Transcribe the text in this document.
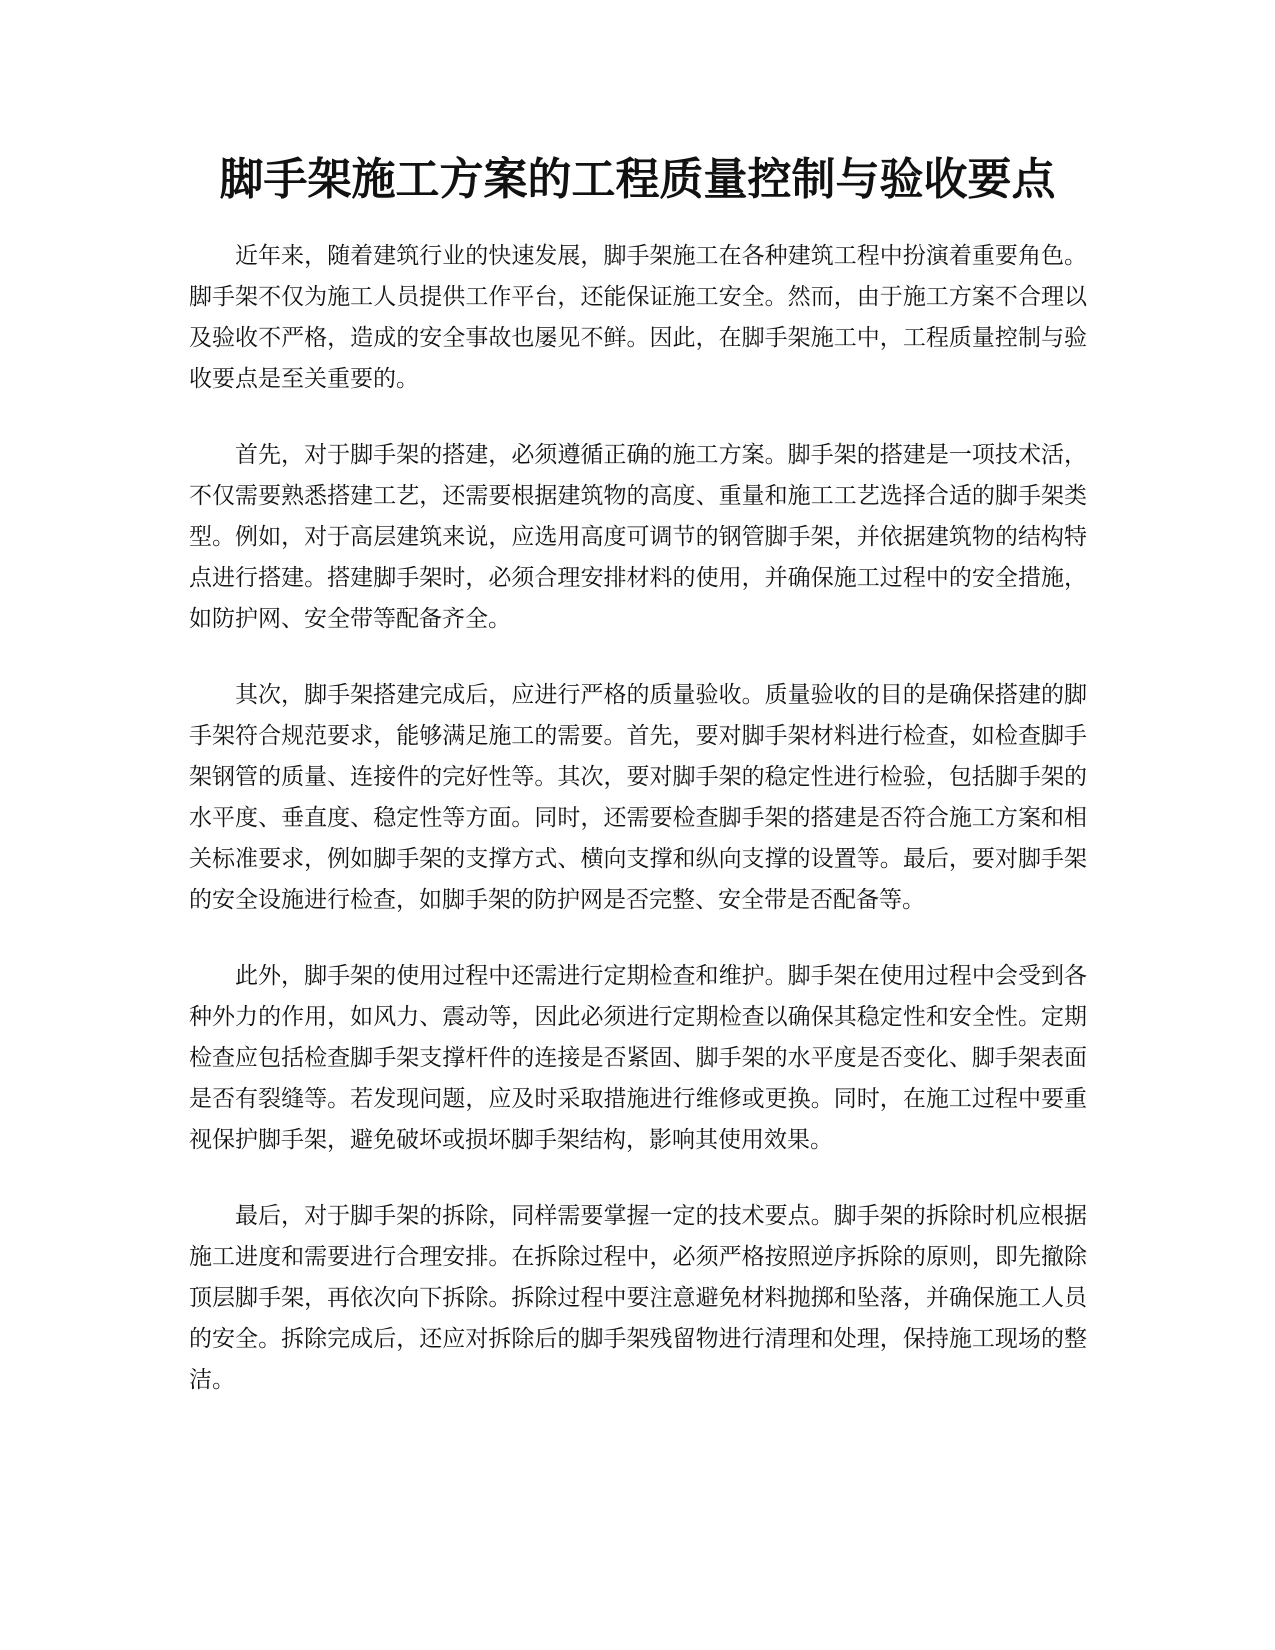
脚手架施工方案的工程质量控制与验收要点

近年来，随着建筑行业的快速发展，脚手架施工在各种建筑工程中扮演着重要角色。脚手架不仅为施工人员提供工作平台，还能保证施工安全。然而，由于施工方案不合理以及验收不严格，造成的安全事故也屡见不鲜。因此，在脚手架施工中，工程质量控制与验收要点是至关重要的。

首先，对于脚手架的搭建，必须遵循正确的施工方案。脚手架的搭建是一项技术活，不仅需要熟悉搭建工艺，还需要根据建筑物的高度、重量和施工工艺选择合适的脚手架类型。例如，对于高层建筑来说，应选用高度可调节的钢管脚手架，并依据建筑物的结构特点进行搭建。搭建脚手架时，必须合理安排材料的使用，并确保施工过程中的安全措施，如防护网、安全带等配备齐全。

其次，脚手架搭建完成后，应进行严格的质量验收。质量验收的目的是确保搭建的脚手架符合规范要求，能够满足施工的需要。首先，要对脚手架材料进行检查，如检查脚手架钢管的质量、连接件的完好性等。其次，要对脚手架的稳定性进行检验，包括脚手架的水平度、垂直度、稳定性等方面。同时，还需要检查脚手架的搭建是否符合施工方案和相关标准要求，例如脚手架的支撑方式、横向支撑和纵向支撑的设置等。最后，要对脚手架的安全设施进行检查，如脚手架的防护网是否完整、安全带是否配备等。

此外，脚手架的使用过程中还需进行定期检查和维护。脚手架在使用过程中会受到各种外力的作用，如风力、震动等，因此必须进行定期检查以确保其稳定性和安全性。定期检查应包括检查脚手架支撑杆件的连接是否紧固、脚手架的水平度是否变化、脚手架表面是否有裂缝等。若发现问题，应及时采取措施进行维修或更换。同时，在施工过程中要重视保护脚手架，避免破坏或损坏脚手架结构，影响其使用效果。

最后，对于脚手架的拆除，同样需要掌握一定的技术要点。脚手架的拆除时机应根据施工进度和需要进行合理安排。在拆除过程中，必须严格按照逆序拆除的原则，即先撤除顶层脚手架，再依次向下拆除。拆除过程中要注意避免材料抛掷和坠落，并确保施工人员的安全。拆除完成后，还应对拆除后的脚手架残留物进行清理和处理，保持施工现场的整洁。
